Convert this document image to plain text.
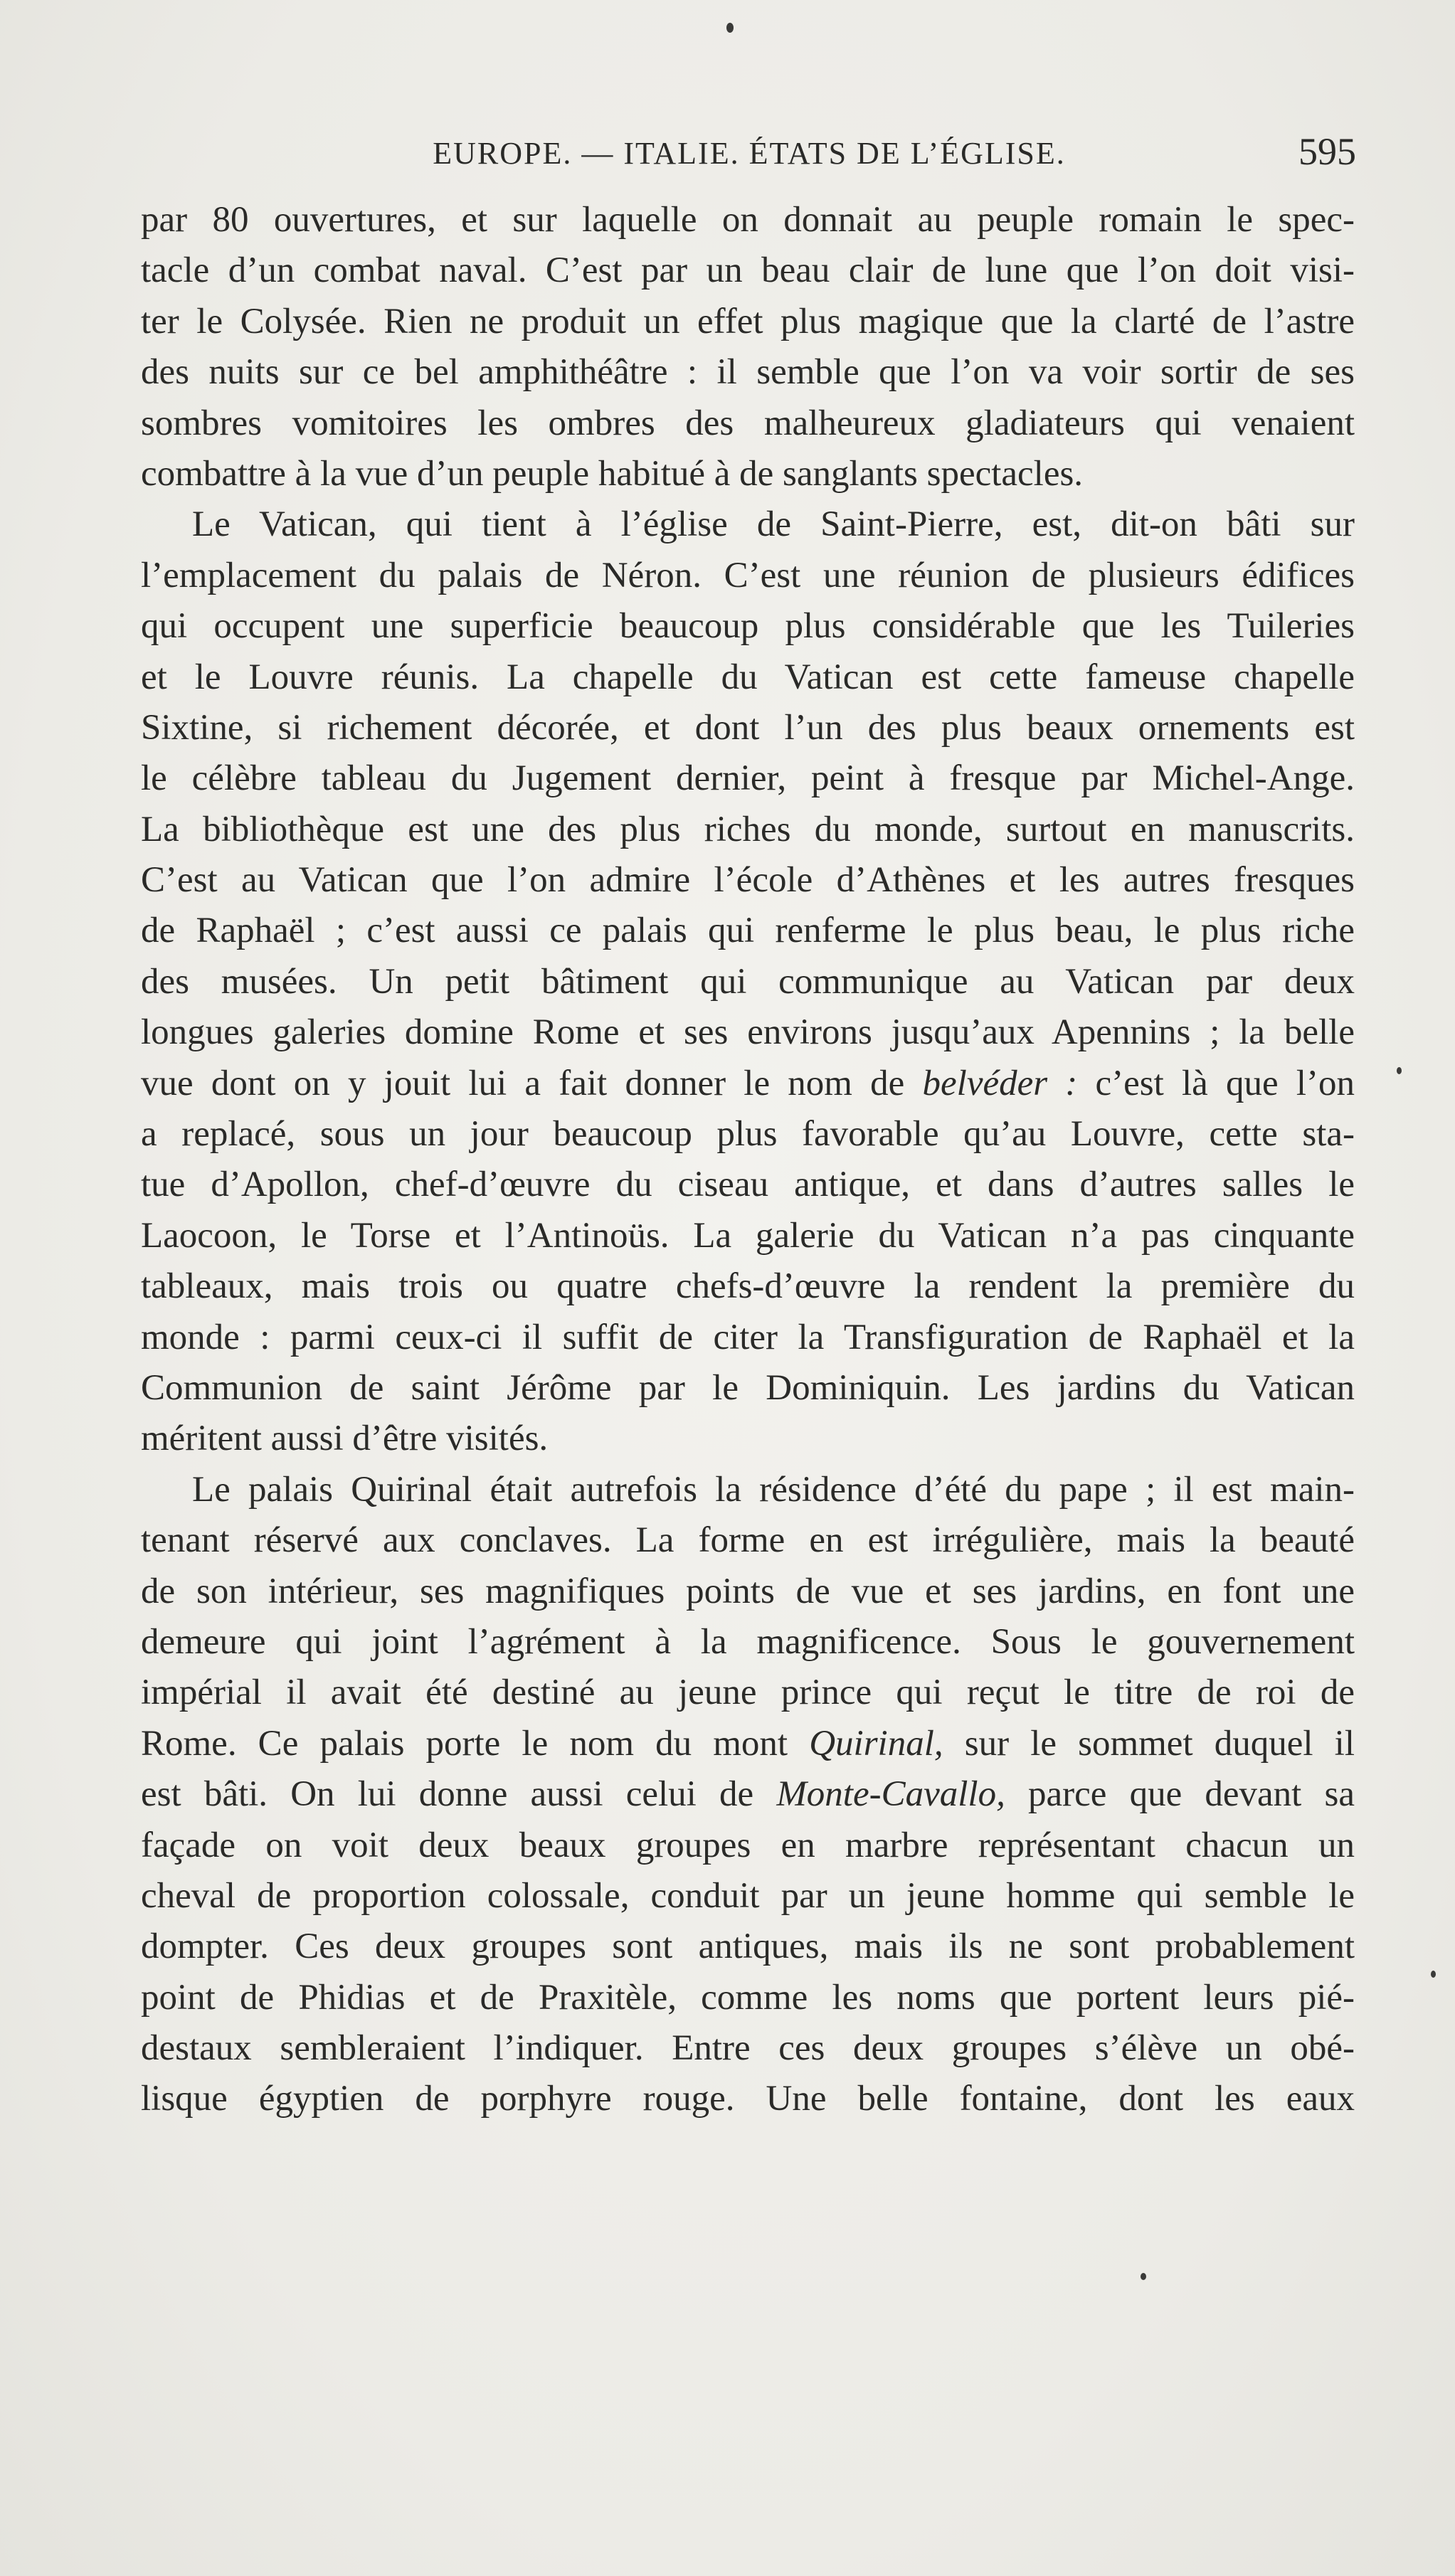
EUROPE. — ITALIE. ÉTATS DE L’ÉGLISE.	595
par 80 ouvertures, et sur laquelle on donnait au peuple romain le spec-
tacle d’un combat naval. C’est par un beau clair de lune que l’on doit visi-
ter le Colysée. Rien ne produit un effet plus magique que la clarté de l’astre
des nuits sur ce bel amphithéâtre : il semble que l’on va voir sortir de ses
sombres vomitoires les ombres des malheureux gladiateurs qui venaient
combattre à la vue d’un peuple habitué à de sanglants spectacles.
Le Vatican, qui tient à l’église de Saint-Pierre, est, dit-on bâti sur
l’emplacement du palais de Néron. C’est une réunion de plusieurs édifices
qui occupent une superficie beaucoup plus considérable que les Tuileries
et le Louvre réunis. La chapelle du Vatican est cette fameuse chapelle
Sixtine, si richement décorée, et dont l’un des plus beaux ornements est
le célèbre tableau du Jugement dernier, peint à fresque par Michel-Ange.
La bibliothèque est une des plus riches du monde, surtout en manuscrits.
C’est au Vatican que l’on admire l’école d’Athènes et les autres fresques
de Raphaël ; c’est aussi ce palais qui renferme le plus beau, le plus riche
des musées. Un petit bâtiment qui communique au Vatican par deux
longues galeries domine Rome et ses environs jusqu’aux Apennins ; la belle
vue dont on y jouit lui a fait donner le nom de belvéder : c’est là que l’on
a replacé, sous un jour beaucoup plus favorable qu’au Louvre, cette sta-
tue d’Apollon, chef-d’œuvre du ciseau antique, et dans d’autres salles le
Laocoon, le Torse et l’Antinoüs. La galerie du Vatican n’a pas cinquante
tableaux, mais trois ou quatre chefs-d’œuvre la rendent la première du
monde : parmi ceux-ci il suffit de citer la Transfiguration de Raphaël et la
Communion de saint Jérôme par le Dominiquin. Les jardins du Vatican
méritent aussi d’être visités.
Le palais Quirinal était autrefois la résidence d’été du pape ; il est main-
tenant réservé aux conclaves. La forme en est irrégulière, mais la beauté
de son intérieur, ses magnifiques points de vue et ses jardins, en font une
demeure qui joint l’agrément à la magnificence. Sous le gouvernement
impérial il avait été destiné au jeune prince qui reçut le titre de roi de
Rome. Ce palais porte le nom du mont Quirinal, sur le sommet duquel il
est bâti. On lui donne aussi celui de Monte-Cavallo, parce que devant sa
façade on voit deux beaux groupes en marbre représentant chacun un
cheval de proportion colossale, conduit par un jeune homme qui semble le
dompter. Ces deux groupes sont antiques, mais ils ne sont probablement
point de Phidias et de Praxitèle, comme les noms que portent leurs pié-
destaux sembleraient l’indiquer. Entre ces deux groupes s’élève un obé-
lisque égyptien de porphyre rouge. Une belle fontaine, dont les eaux
